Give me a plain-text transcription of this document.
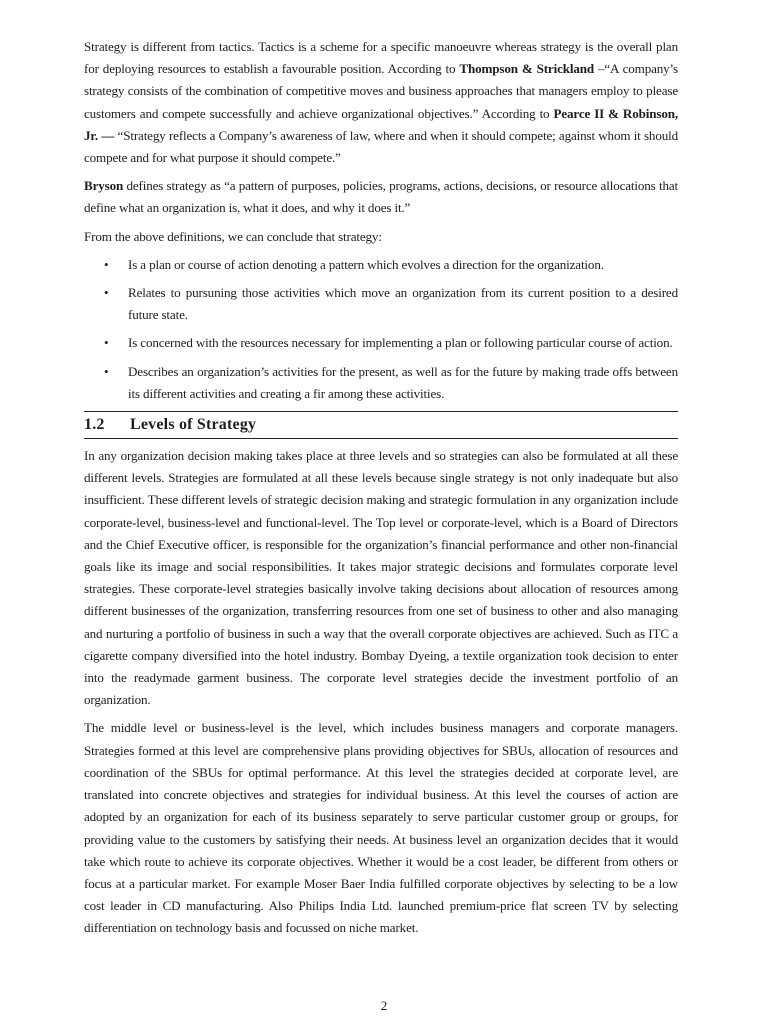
Strategy is different from tactics. Tactics is a scheme for a specific manoeuvre whereas strategy is the overall plan for deploying resources to establish a favourable position. According to Thompson & Strickland –“A company’s strategy consists of the combination of competitive moves and business approaches that managers employ to please customers and compete successfully and achieve organizational objectives.” According to Pearce II & Robinson, Jr. — “Strategy reflects a Company’s awareness of law, where and when it should compete; against whom it should compete and for what purpose it should compete.”

Bryson defines strategy as “a pattern of purposes, policies, programs, actions, decisions, or resource allocations that define what an organization is, what it does, and why it does it.”

From the above definitions, we can conclude that strategy:

• Is a plan or course of action denoting a pattern which evolves a direction for the organization.

• Relates to pursuning those activities which move an organization from its current position to a desired future state.

• Is concerned with the resources necessary for implementing a plan or following particular course of action.

• Describes an organization’s activities for the present, as well as for the future by making trade offs between its different activities and creating a fir among these activities.

1.2 Levels of Strategy

In any organization decision making takes place at three levels and so strategies can also be formulated at all these different levels. Strategies are formulated at all these levels because single strategy is not only inadequate but also insufficient. These different levels of strategic decision making and strategic formulation in any organization include corporate-level, business-level and functional-level. The Top level or corporate-level, which is a Board of Directors and the Chief Executive officer, is responsible for the organization’s financial performance and other non-financial goals like its image and social responsibilities. It takes major strategic decisions and formulates corporate level strategies. These corporate-level strategies basically involve taking decisions about allocation of resources among different businesses of the organization, transferring resources from one set of business to other and also managing and nurturing a portfolio of business in such a way that the overall corporate objectives are achieved. Such as ITC a cigarette company diversified into the hotel industry. Bombay Dyeing, a textile organization took decision to enter into the readymade garment business. The corporate level strategies decide the investment portfolio of an organization.

The middle level or business-level is the level, which includes business managers and corporate managers. Strategies formed at this level are comprehensive plans providing objectives for SBUs, allocation of resources and coordination of the SBUs for optimal performance. At this level the strategies decided at corporate level, are translated into concrete objectives and strategies for individual business. At this level the courses of action are adopted by an organization for each of its business separately to serve particular customer group or groups, for providing value to the customers by satisfying their needs. At business level an organization decides that it would take which route to achieve its corporate objectives. Whether it would be a cost leader, be different from others or focus at a particular market. For example Moser Baer India fulfilled corporate objectives by selecting to be a low cost leader in CD manufacturing. Also Philips India Ltd. launched premium-price flat screen TV by selecting differentiation on technology basis and focussed on niche market.

2
